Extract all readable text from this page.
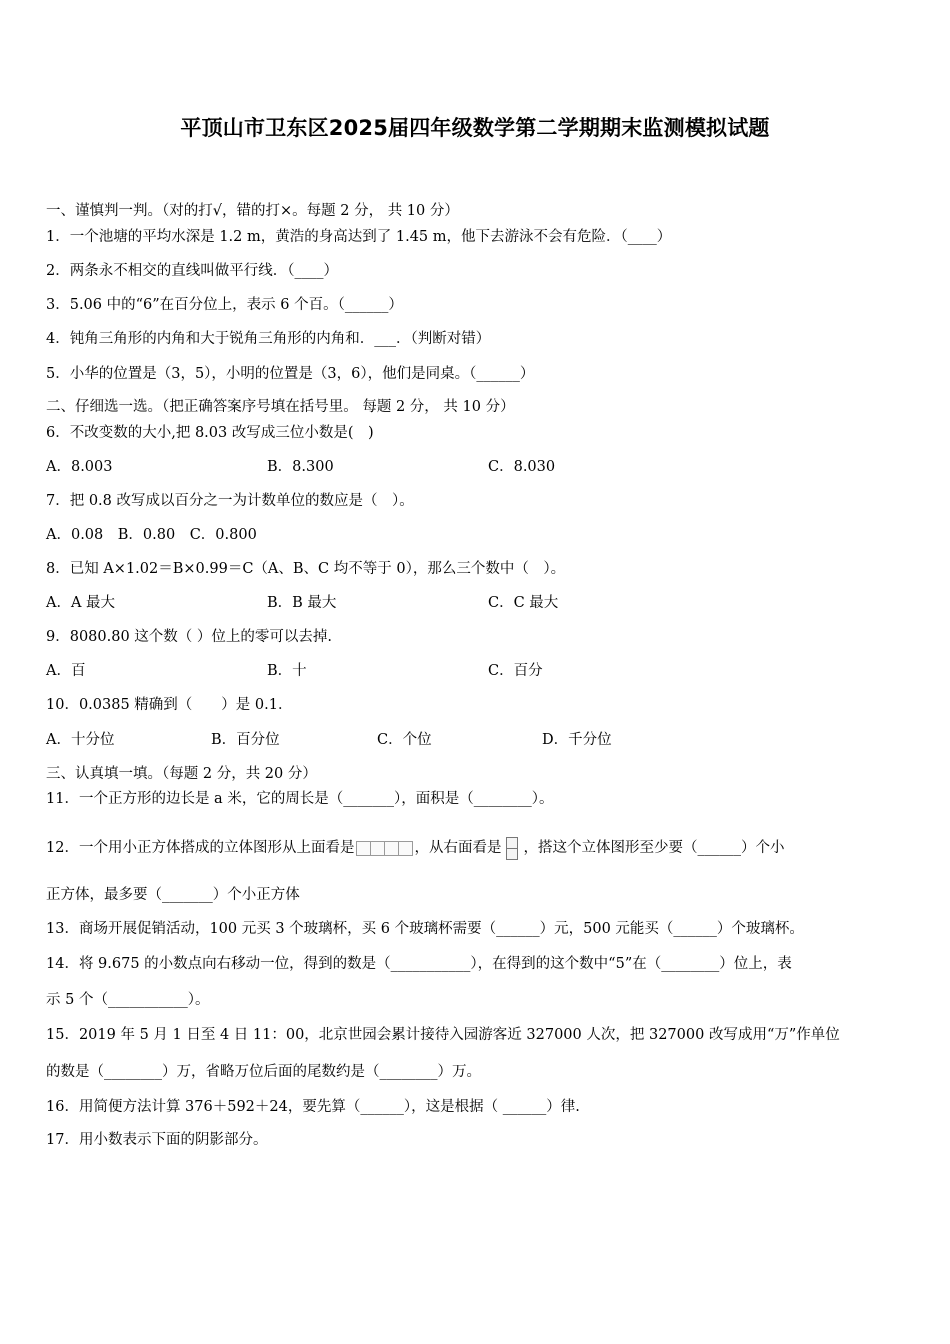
平顶山市卫东区2025届四年级数学第二学期期末监测模拟试题
一、谨慎判一判。（对的打√，错的打×。每题 2 分， 共 10 分）
1．一个池塘的平均水深是 1.2 m，黄浩的身高达到了 1.45 m，他下去游泳不会有危险．（____）
2．两条永不相交的直线叫做平行线．（____）
3．5.06 中的“6”在百分位上，表示 6 个百。（______）
4．钝角三角形的内角和大于锐角三角形的内角和．___．（判断对错）
5．小华的位置是（3，5），小明的位置是（3，6），他们是同桌。（______）
二、仔细选一选。（把正确答案序号填在括号里。 每题 2 分， 共 10 分）
6．不改变数的大小,把 8.03 改写成三位小数是(　)
A．8.003	B．8.300	C．8.030
7．把 0.8 改写成以百分之一为计数单位的数应是（　）。
A．0.08　B．0.80　C．0.800
8．已知 A×1.02＝B×0.99＝C（A、B、C 均不等于 0），那么三个数中（　）。
A．A 最大	B．B 最大	C．C 最大
9．8080.80 这个数（ ）位上的零可以去掉.
A．百	B．十	C．百分
10．0.0385 精确到（　　）是 0.1．
A．十分位	B．百分位	C．个位	D．千分位
三、认真填一填。（每题 2 分，共 20 分）
11．一个正方形的边长是 a 米，它的周长是（_______），面积是（________）。
12．一个用小正方体搭成的立体图形从上面看是	，从右面看是 ，搭这个立体图形至少要（______）个小
正方体，最多要（_______）个小正方体
13．商场开展促销活动，100 元买 3 个玻璃杯，买 6 个玻璃杯需要（______）元，500 元能买（______）个玻璃杯。
14．将 9.675 的小数点向右移动一位，得到的数是（___________），在得到的这个数中“5”在（________）位上，表
示 5 个（___________）。
15．2019 年 5 月 1 日至 4 日 11：00，北京世园会累计接待入园游客近 327000 人次，把 327000 改写成用“万”作单位
的数是（________）万，省略万位后面的尾数约是（________）万。
16．用简便方法计算 376＋592＋24，要先算（______），这是根据（ ______）律.
17．用小数表示下面的阴影部分。
